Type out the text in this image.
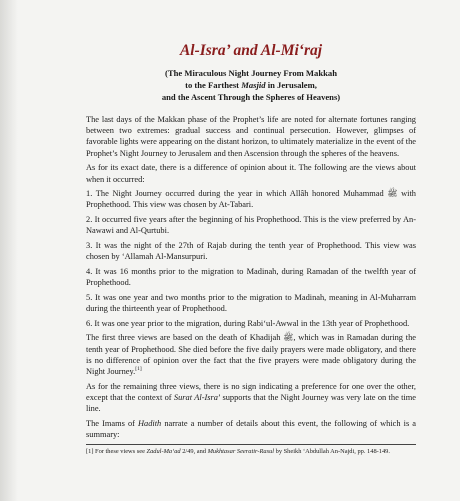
Al-Isra’ and Al-Mi‘raj
(The Miraculous Night Journey From Makkah
to the Farthest Masjid in Jerusalem,
and the Ascent Through the Spheres of Heavens)

The last days of the Makkan phase of the Prophet’s life are noted for alternate fortunes ranging between two extremes: gradual success and continual persecution. However, glimpses of favorable lights were appearing on the distant horizon, to ultimately materialize in the event of the Prophet’s Night Journey to Jerusalem and then Ascension through the spheres of the heavens.

As for its exact date, there is a difference of opinion about it. The following are the views about when it occurred:

1. The Night Journey occurred during the year in which Allâh honored Muhammad ﷺ with Prophethood. This view was chosen by At-Tabari.

2. It occurred five years after the beginning of his Prophethood. This is the view preferred by An-Nawawi and Al-Qurtubi.

3. It was the night of the 27th of Rajab during the tenth year of Prophethood. This view was chosen by ‘Allamah Al-Mansurpuri.

4. It was 16 months prior to the migration to Madinah, during Ramadan of the twelfth year of Prophethood.

5. It was one year and two months prior to the migration to Madinah, meaning in Al-Muharram during the thirteenth year of Prophethood.

6. It was one year prior to the migration, during Rabi‘ul-Awwal in the 13th year of Prophethood.

The first three views are based on the death of Khadijah ﷺ, which was in Ramadan during the tenth year of Prophethood. She died before the five daily prayers were made obligatory, and there is no difference of opinion over the fact that the five prayers were made obligatory during the Night Journey.[1]

As for the remaining three views, there is no sign indicating a preference for one over the other, except that the context of Surat Al-Isra’ supports that the Night Journey was very late on the time line.

The Imams of Hadith narrate a number of details about this event, the following of which is a summary:

[1] For these views see Zadul-Ma‘ad 2/49, and Mukhtasar Seeratir-Rasul by Sheikh ‘Abdullah An-Najdi, pp. 148-149.
